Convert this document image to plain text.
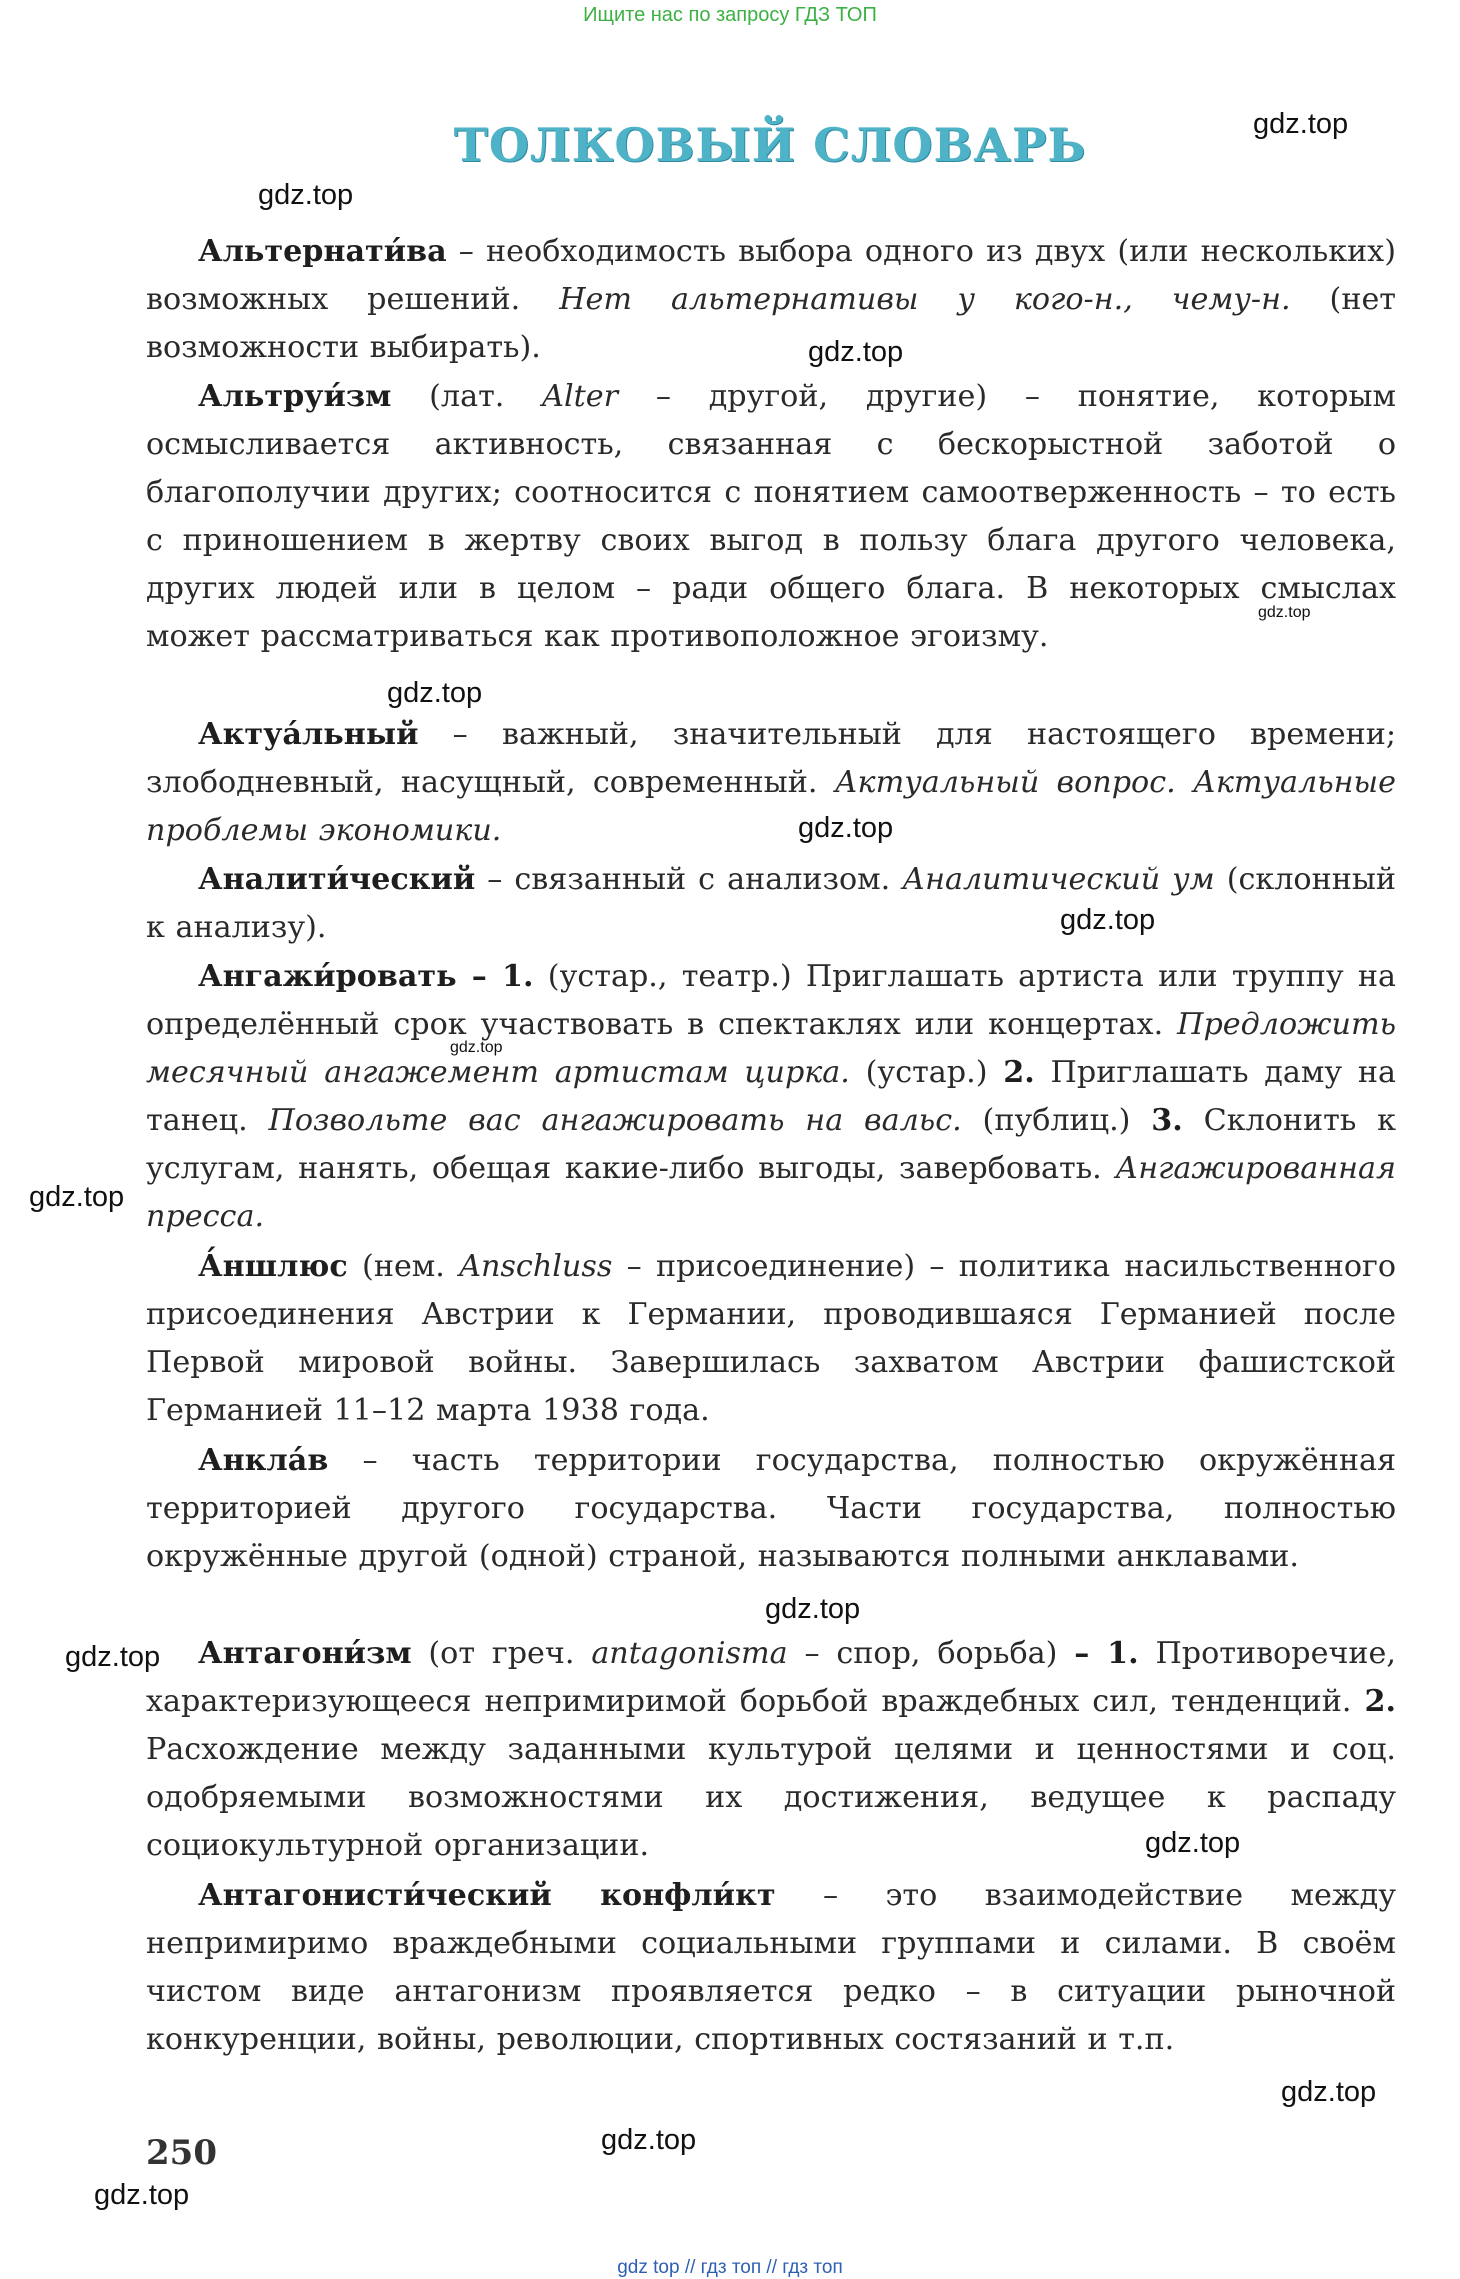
Ищите нас по запросу ГДЗ ТОП
ТОЛКОВЫЙ СЛОВАРЬ
Альтернати́ва – необходимость выбора одного из двух (или нескольких) возможных решений. Нет альтернативы у кого-н., чему-н. (нет возможности выбирать).
Альтруи́зм (лат. Alter – другой, другие) – понятие, которым осмысливается активность, связанная с бескорыстной заботой о благополучии других; соотносится с понятием самоотверженность – то есть с приношением в жертву своих выгод в пользу блага другого человека, других людей или в целом – ради общего блага. В некоторых смыслах может рассматриваться как противоположное эгоизму.
Актуа́льный – важный, значительный для настоящего времени; злободневный, насущный, современный. Актуальный вопрос. Актуальные проблемы экономики.
Аналити́ческий – связанный с анализом. Аналитический ум (склонный к анализу).
Ангажи́ровать – 1. (устар., театр.) Приглашать артиста или труппу на определённый срок участвовать в спектаклях или концертах. Предложить месячный ангажемент артистам цирка. (устар.) 2. Приглашать даму на танец. Позвольте вас ангажировать на вальс. (публиц.) 3. Склонить к услугам, нанять, обещая какие-либо выгоды, завербовать. Ангажированная пресса.
А́ншлюс (нем. Anschluss – присоединение) – политика насильственного присоединения Австрии к Германии, проводившаяся Германией после Первой мировой войны. Завершилась захватом Австрии фашистской Германией 11–12 марта 1938 года.
Анкла́в – часть территории государства, полностью окружённая территорией другого государства. Части государства, полностью окружённые другой (одной) страной, называются полными анклавами.
Антагони́зм (от греч. antagonisma – спор, борьба) – 1. Противоречие, характеризующееся непримиримой борьбой враждебных сил, тенденций. 2. Расхождение между заданными культурой целями и ценностями и соц. одобряемыми возможностями их достижения, ведущее к распаду социокультурной организации.
Антагонисти́ческий конфли́кт – это взаимодействие между непримиримо враждебными социальными группами и силами. В своём чистом виде антагонизм проявляется редко – в ситуации рыночной конкуренции, войны, революции, спортивных состязаний и т.п.
gdz.top
gdz.top
gdz.top
gdz.top
gdz.top
gdz.top
gdz.top
gdz.top
gdz.top
gdz.top
gdz.top
gdz.top
gdz.top
gdz.top
gdz.top
250
gdz top // гдз топ // гдз топ
